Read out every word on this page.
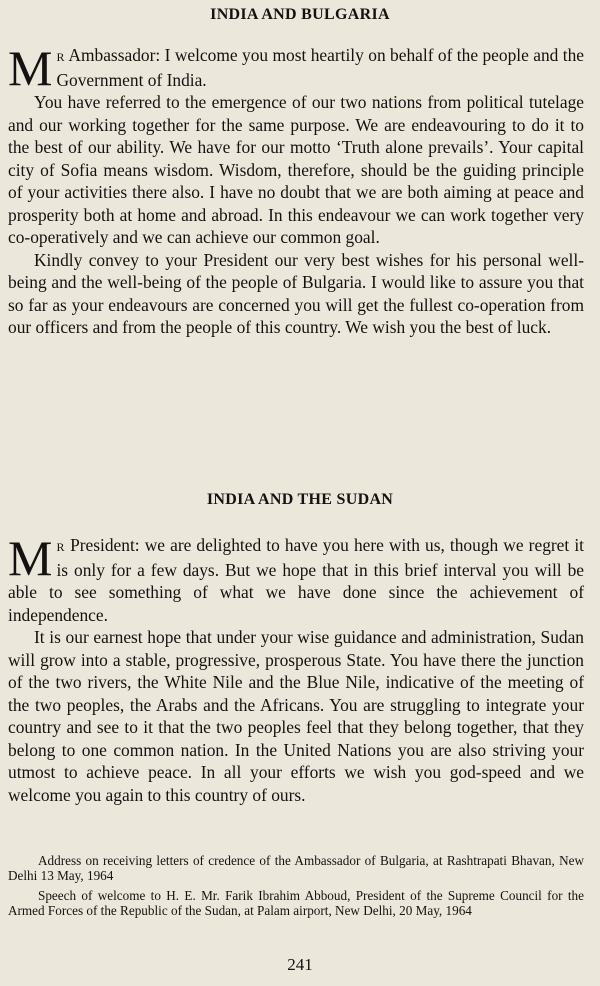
INDIA AND BULGARIA

M R Ambassador: I welcome you most heartily on behalf of the people and the Government of India.

You have referred to the emergence of our two nations from political tutelage and our working together for the same purpose. We are endeavouring to do it to the best of our ability. We have for our motto ‘Truth alone prevails’. Your capital city of Sofia means wisdom. Wisdom, therefore, should be the guiding principle of your activities there also. I have no doubt that we are both aiming at peace and prosperity both at home and abroad. In this endeavour we can work together very co-operatively and we can achieve our common goal.

Kindly convey to your President our very best wishes for his personal well-being and the well-being of the people of Bulgaria. I would like to assure you that so far as your endeavours are concerned you will get the fullest co-operation from our officers and from the people of this country. We wish you the best of luck.

INDIA AND THE SUDAN

M R President: we are delighted to have you here with us, though we regret it is only for a few days. But we hope that in this brief interval you will be able to see something of what we have done since the achievement of independence.

It is our earnest hope that under your wise guidance and administration, Sudan will grow into a stable, progressive, prosperous State. You have there the junction of the two rivers, the White Nile and the Blue Nile, indicative of the meeting of the two peoples, the Arabs and the Africans. You are struggling to integrate your country and see to it that the two peoples feel that they belong together, that they belong to one common nation. In the United Nations you are also striving your utmost to achieve peace. In all your efforts we wish you god-speed and we welcome you again to this country of ours.

Address on receiving letters of credence of the Ambassador of Bulgaria, at Rashtrapati Bhavan, New Delhi 13 May, 1964

Speech of welcome to H. E. Mr. Farik Ibrahim Abboud, President of the Supreme Council for the Armed Forces of the Republic of the Sudan, at Palam airport, New Delhi, 20 May, 1964

241
